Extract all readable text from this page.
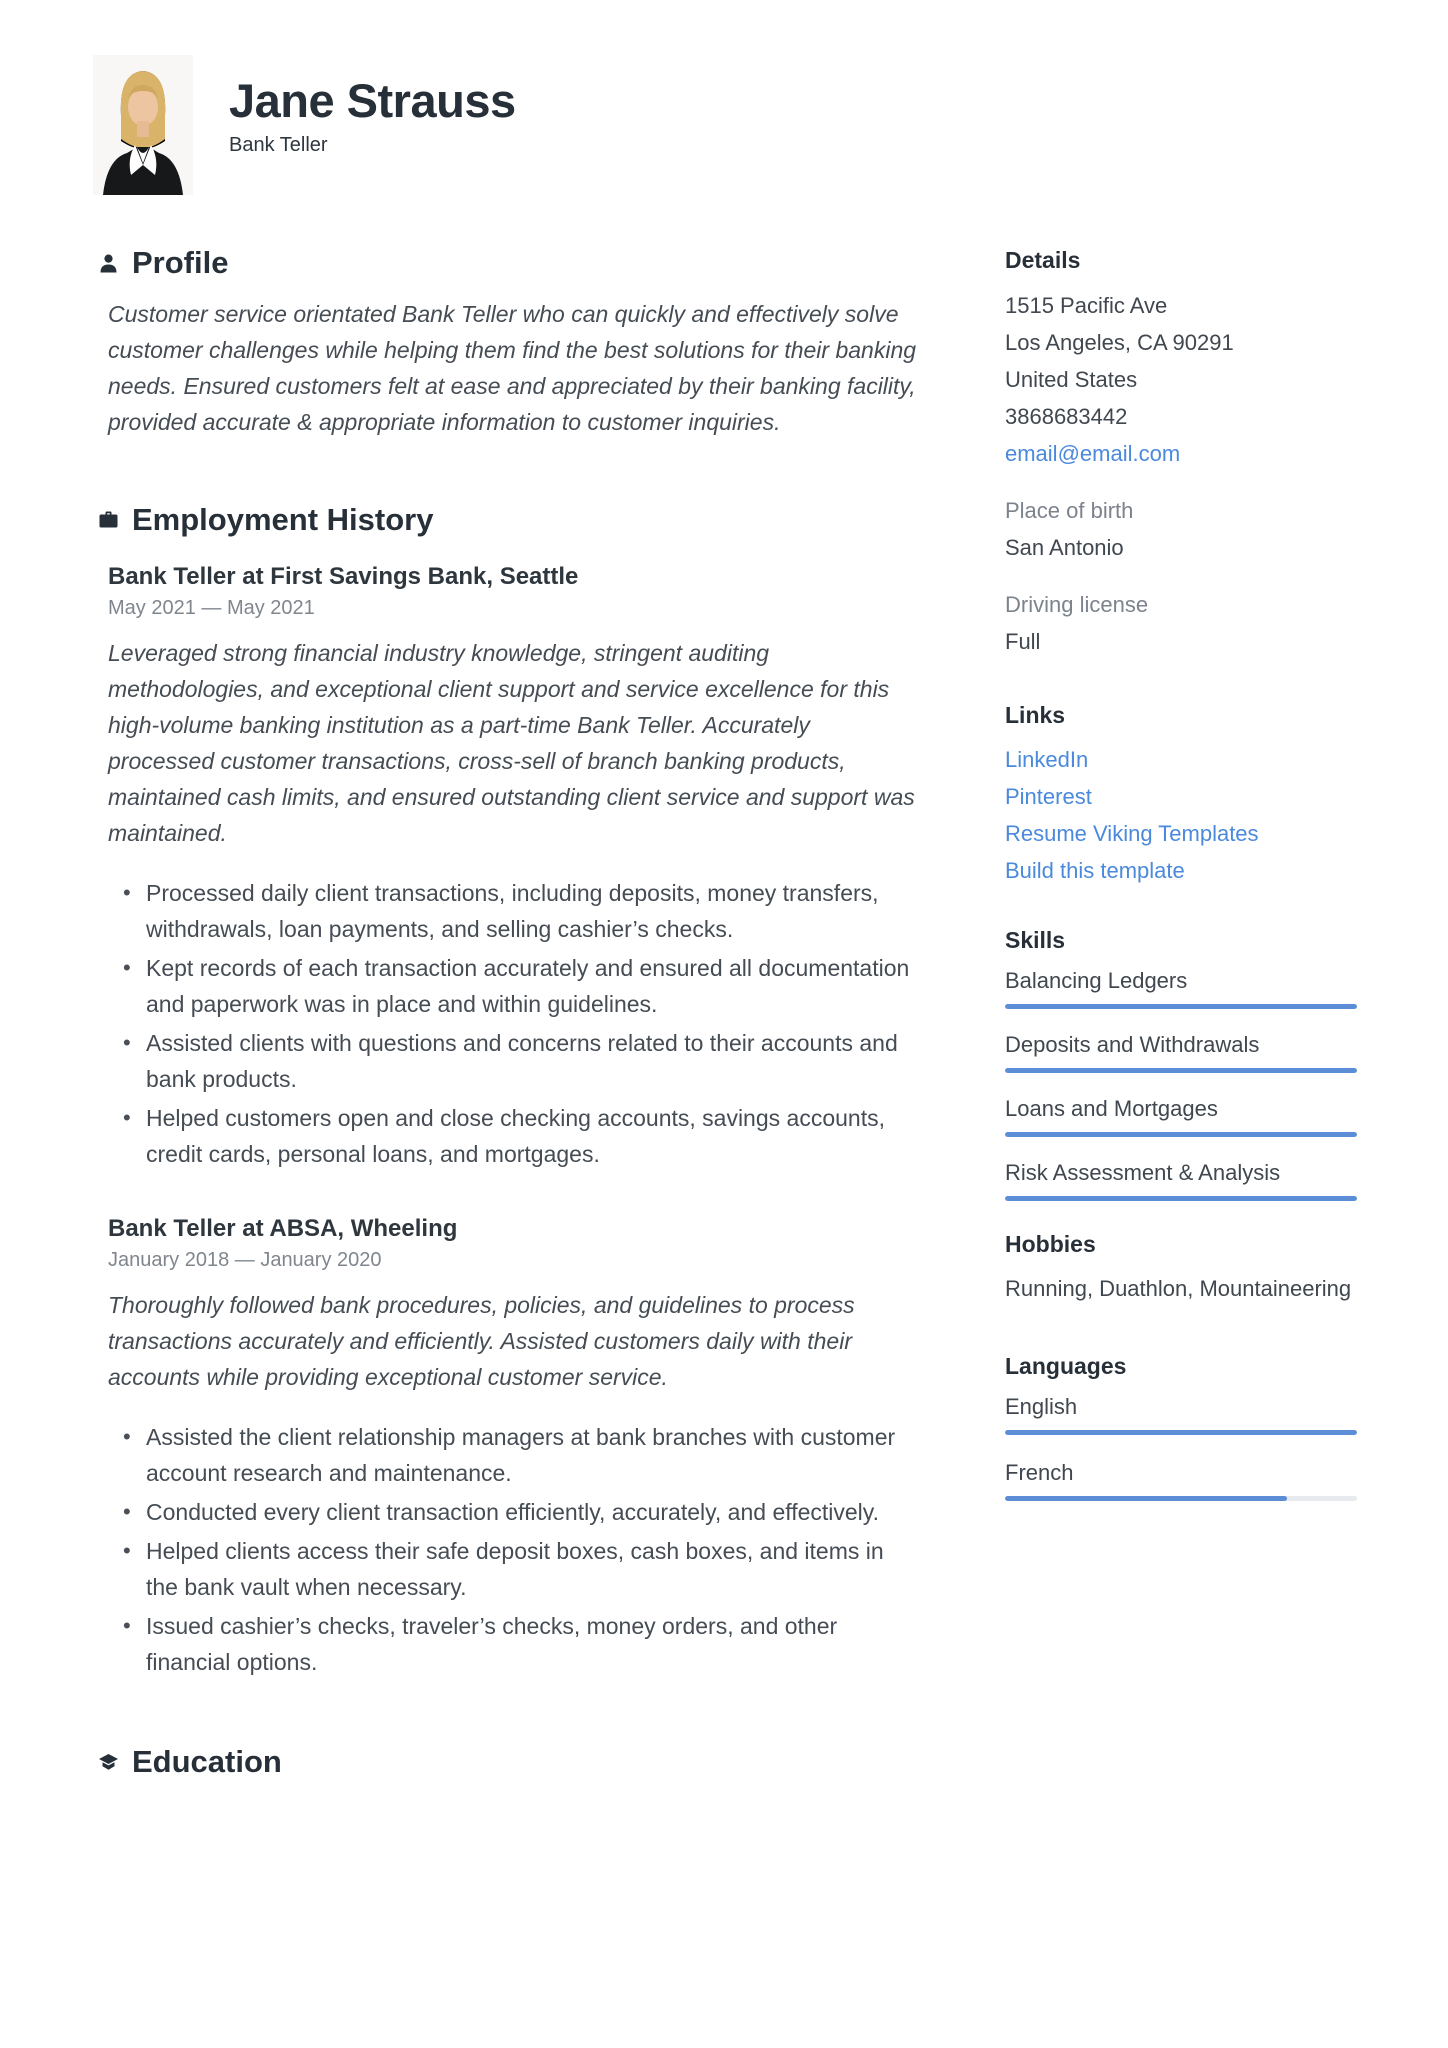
Jane Strauss
Bank Teller
Profile

Customer service orientated Bank Teller who can quickly and effectively solve customer challenges while helping them find the best solutions for their banking needs. Ensured customers felt at ease and appreciated by their banking facility, provided accurate & appropriate information to customer inquiries.

Employment History
Bank Teller at First Savings Bank, Seattle
May 2021 — May 2021

Leveraged strong financial industry knowledge, stringent auditing methodologies, and exceptional client support and service excellence for this high-volume banking institution as a part-time Bank Teller. Accurately processed customer transactions, cross-sell of branch banking products, maintained cash limits, and ensured outstanding client service and support was maintained.

• Processed daily client transactions, including deposits, money transfers, withdrawals, loan payments, and selling cashier’s checks.
• Kept records of each transaction accurately and ensured all documentation and paperwork was in place and within guidelines.
• Assisted clients with questions and concerns related to their accounts and bank products.
• Helped customers open and close checking accounts, savings accounts, credit cards, personal loans, and mortgages.
Bank Teller at ABSA, Wheeling
January 2018 — January 2020

Thoroughly followed bank procedures, policies, and guidelines to process transactions accurately and efficiently. Assisted customers daily with their accounts while providing exceptional customer service.

• Assisted the client relationship managers at bank branches with customer account research and maintenance.
• Conducted every client transaction efficiently, accurately, and effectively.
• Helped clients access their safe deposit boxes, cash boxes, and items in the bank vault when necessary.
• Issued cashier’s checks, traveler’s checks, money orders, and other financial options.
Education
Details
1515 Pacific Ave
Los Angeles, CA 90291
United States
3868683442
email@email.com
Place of birth
San Antonio
Driving license
Full
Links
LinkedIn
Pinterest
Resume Viking Templates
Build this template
Skills
Balancing Ledgers
Deposits and Withdrawals
Loans and Mortgages
Risk Assessment & Analysis
Hobbies
Running, Duathlon, Mountaineering
Languages
English
French
